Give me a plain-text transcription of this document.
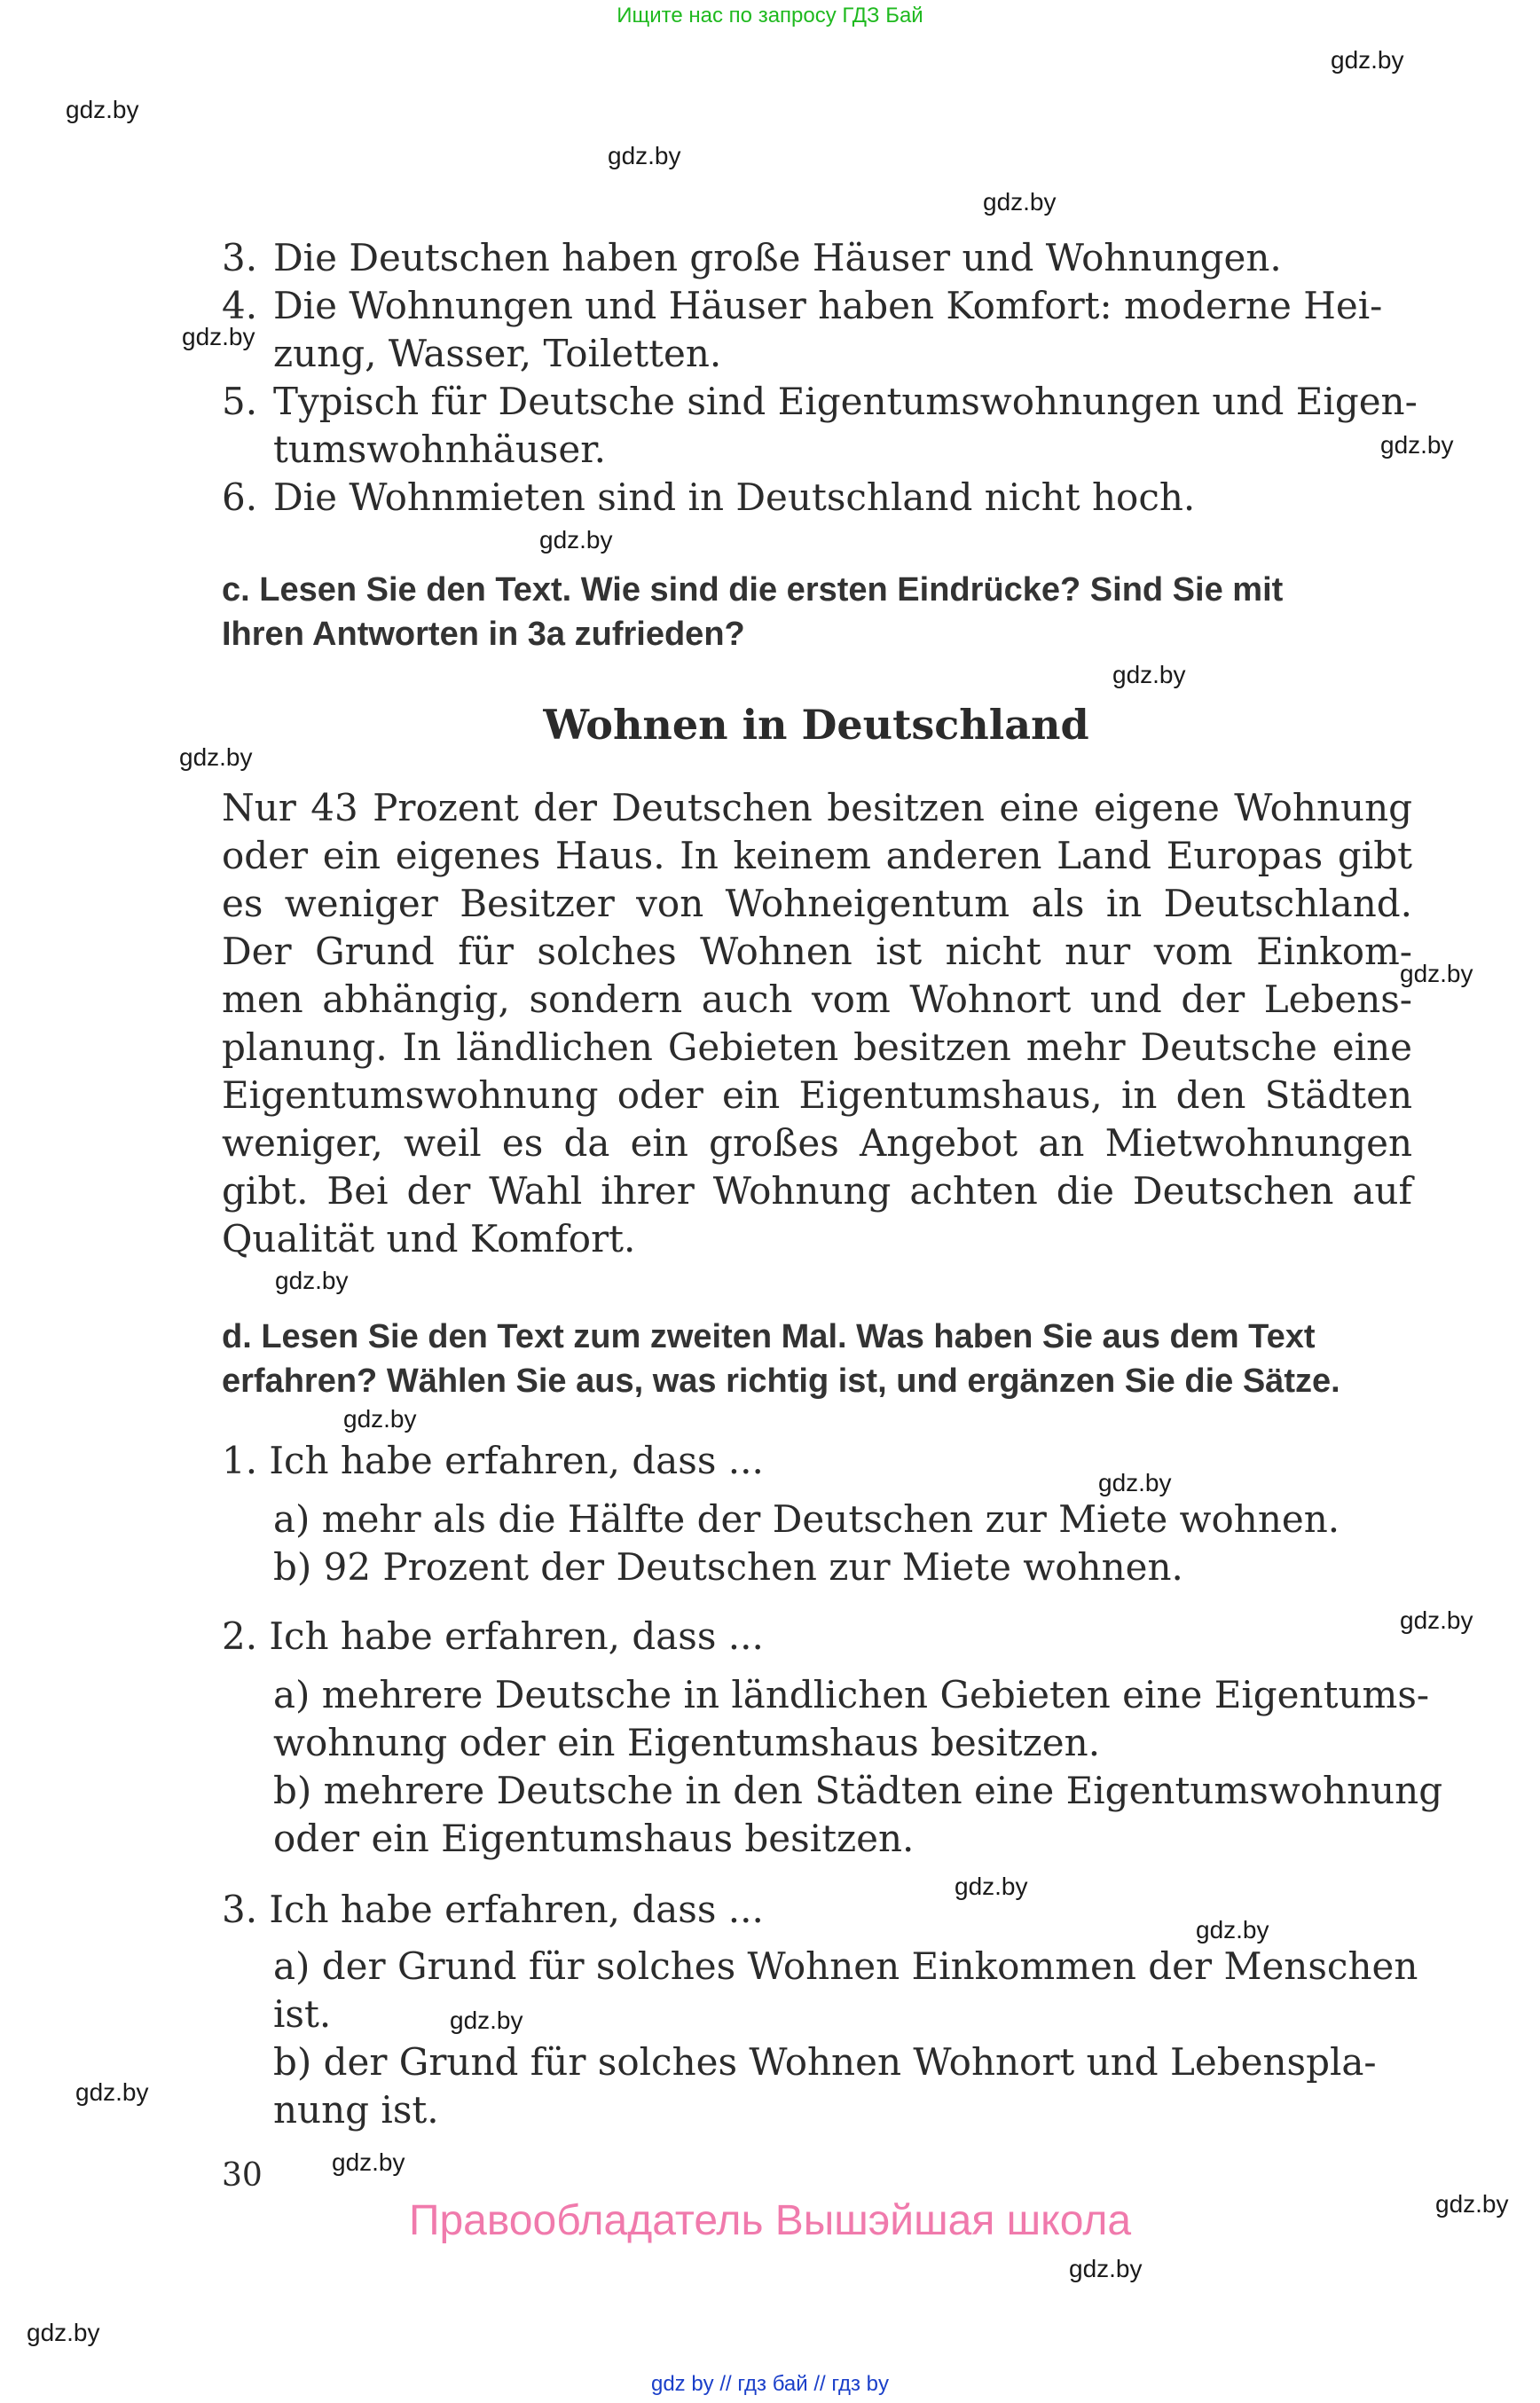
Ищите нас по запросу ГДЗ Бай
gdz.by
gdz.by
gdz.by
gdz.by
gdz.by
gdz.by
gdz.by
gdz.by
gdz.by
gdz.by
gdz.by
gdz.by
gdz.by
gdz.by
gdz.by
gdz.by
gdz.by
gdz.by
gdz.by
gdz.by
gdz.by
gdz.by
3. Die Deutschen haben große Häuser und Wohnungen.
4. Die Wohnungen und Häuser haben Komfort: moderne Hei-
zung, Wasser, Toiletten.
5. Typisch für Deutsche sind Eigentumswohnungen und Eigen-
tumswohnhäuser.
6. Die Wohnmieten sind in Deutschland nicht hoch.
c. Lesen Sie den Text. Wie sind die ersten Eindrücke? Sind Sie mit
Ihren Antworten in 3a zufrieden?
Wohnen in Deutschland
Nur 43 Prozent der Deutschen besitzen eine eigene Wohnung
oder ein eigenes Haus. In keinem anderen Land Europas gibt
es weniger Besitzer von Wohneigentum als in Deutschland.
Der Grund für solches Wohnen ist nicht nur vom Einkom-
men abhängig, sondern auch vom Wohnort und der Lebens-
planung. In ländlichen Gebieten besitzen mehr Deutsche eine
Eigentumswohnung oder ein Eigentumshaus, in den Städten
weniger, weil es da ein großes Angebot an Mietwohnungen
gibt. Bei der Wahl ihrer Wohnung achten die Deutschen auf
Qualität und Komfort.
d. Lesen Sie den Text zum zweiten Mal. Was haben Sie aus dem Text
erfahren? Wählen Sie aus, was richtig ist, und ergänzen Sie die Sätze.
1. Ich habe erfahren, dass ...
a) mehr als die Hälfte der Deutschen zur Miete wohnen.
b) 92 Prozent der Deutschen zur Miete wohnen.
2. Ich habe erfahren, dass ...
a) mehrere Deutsche in ländlichen Gebieten eine Eigentums-
wohnung oder ein Eigentumshaus besitzen.
b) mehrere Deutsche in den Städten eine Eigentumswohnung
oder ein Eigentumshaus besitzen.
3. Ich habe erfahren, dass ...
a) der Grund für solches Wohnen Einkommen der Menschen
ist.
b) der Grund für solches Wohnen Wohnort und Lebenspla-
nung ist.
30
Правообладатель Вышэйшая школа
gdz by // гдз бай // гдз by
